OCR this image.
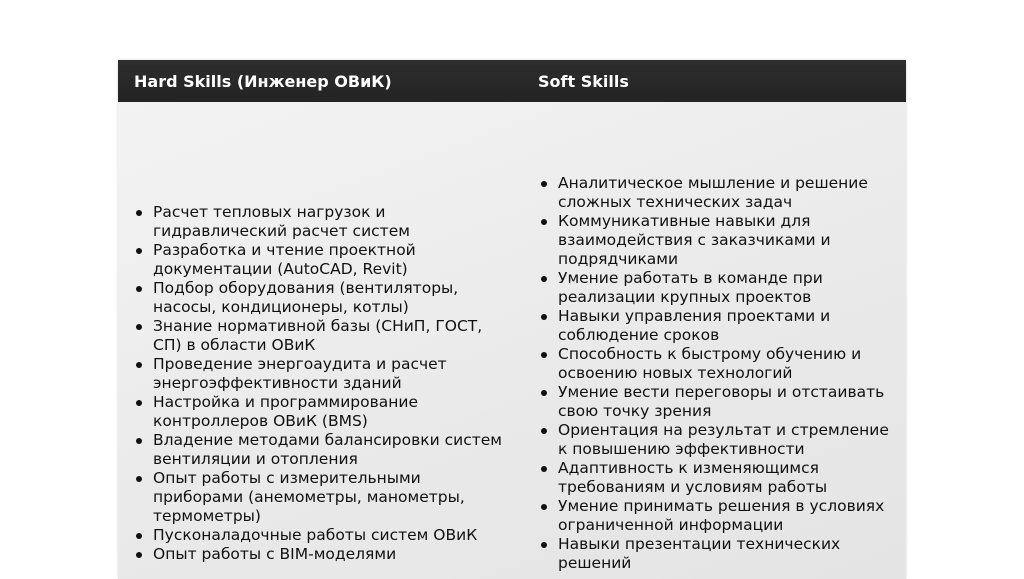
Hard Skills (Инженер ОВиК)	Soft Skills
Расчет тепловых нагрузок и гидравлический расчет систем
Разработка и чтение проектной документации (AutoCAD, Revit)
Подбор оборудования (вентиляторы, насосы, кондиционеры, котлы)
Знание нормативной базы (СНиП, ГОСТ, СП) в области ОВиК
Проведение энергоаудита и расчет энергоэффективности зданий
Настройка и программирование контроллеров ОВиК (BMS)
Владение методами балансировки систем вентиляции и отопления
Опыт работы с измерительными приборами (анемометры, манометры, термометры)
Пусконаладочные работы систем ОВиК
Опыт работы с BIM-моделями
Аналитическое мышление и решение сложных технических задач
Коммуникативные навыки для взаимодействия с заказчиками и подрядчиками
Умение работать в команде при реализации крупных проектов
Навыки управления проектами и соблюдение сроков
Способность к быстрому обучению и освоению новых технологий
Умение вести переговоры и отстаивать свою точку зрения
Ориентация на результат и стремление к повышению эффективности
Адаптивность к изменяющимся требованиям и условиям работы
Умение принимать решения в условиях ограниченной информации
Навыки презентации технических решений
